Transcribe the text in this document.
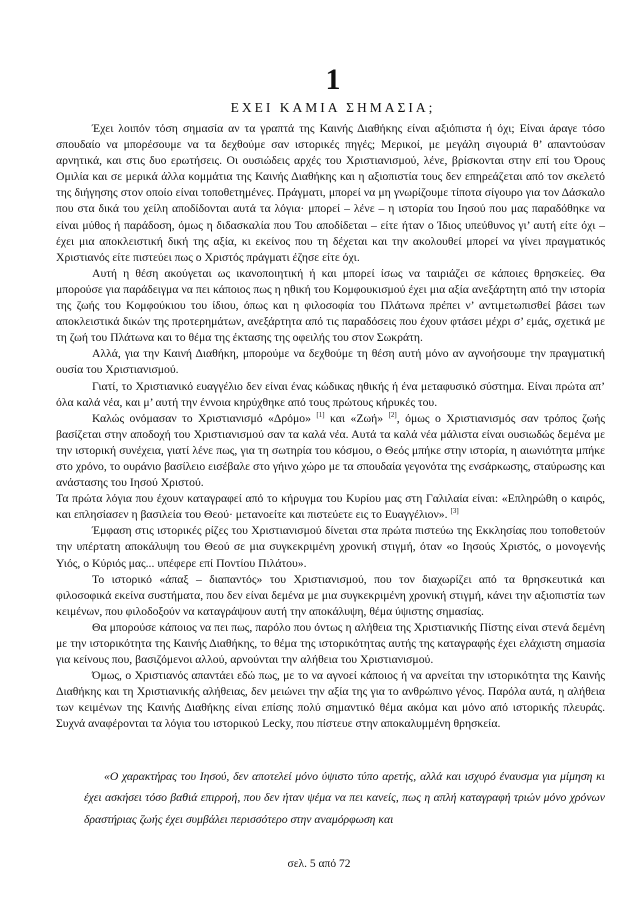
1
ΕΧΕΙ ΚΑΜΙΑ ΣΗΜΑΣΙΑ;

Έχει λοιπόν τόση σημασία αν τα γραπτά της Καινής Διαθήκης είναι αξιόπιστα ή όχι; Είναι άραγε τόσο σπουδαίο να μπορέσουμε να τα δεχθούμε σαν ιστορικές πηγές; Μερικοί, με μεγάλη σιγουριά θ’ απαντούσαν αρνητικά, και στις δυο ερωτήσεις. Οι ουσιώδεις αρχές του Χριστιανισμού, λένε, βρίσκονται στην επί του Όρους Ομιλία και σε μερικά άλλα κομμάτια της Καινής Διαθήκης και η αξιοπιστία τους δεν επηρεάζεται από τον σκελετό της διήγησης στον οποίο είναι τοποθετημένες. Πράγματι, μπορεί να μη γνωρίζουμε τίποτα σίγουρο για τον Δάσκαλο που στα δικά του χείλη αποδίδονται αυτά τα λόγια· μπορεί – λένε – η ιστορία του Ιησού που μας παραδόθηκε να είναι μύθος ή παράδοση, όμως η διδασκαλία που Του αποδίδεται – είτε ήταν ο Ίδιος υπεύθυνος γι’ αυτή είτε όχι – έχει μια αποκλειστική δική της αξία, κι εκείνος που τη δέχεται και την ακολουθεί μπορεί να γίνει πραγματικός Χριστιανός είτε πιστεύει πως ο Χριστός πράγματι έζησε είτε όχι.

Αυτή η θέση ακούγεται ως ικανοποιητική ή και μπορεί ίσως να ταιριάζει σε κάποιες θρησκείες. Θα μπορούσε για παράδειγμα να πει κάποιος πως η ηθική του Κομφουκισμού έχει μια αξία ανεξάρτητη από την ιστορία της ζωής του Κομφούκιου του ίδιου, όπως και η φιλοσοφία του Πλάτωνα πρέπει ν’ αντιμετωπισθεί βάσει των αποκλειστικά δικών της προτερημάτων, ανεξάρτητα από τις παραδόσεις που έχουν φτάσει μέχρι σ’ εμάς, σχετικά με τη ζωή του Πλάτωνα και το θέμα της έκτασης της οφειλής του στον Σωκράτη.

Αλλά, για την Καινή Διαθήκη, μπορούμε να δεχθούμε τη θέση αυτή μόνο αν αγνοήσουμε την πραγματική ουσία του Χριστιανισμού.

Γιατί, το Χριστιανικό ευαγγέλιο δεν είναι ένας κώδικας ηθικής ή ένα μεταφυσικό σύστημα. Είναι πρώτα απ’ όλα καλά νέα, και μ’ αυτή την έννοια κηρύχθηκε από τους πρώτους κήρυκές του.

Καλώς ονόμασαν το Χριστιανισμό «Δρόμο» [1] και «Ζωή» [2], όμως ο Χριστιανισμός σαν τρόπος ζωής βασίζεται στην αποδοχή του Χριστιανισμού σαν τα καλά νέα. Αυτά τα καλά νέα μάλιστα είναι ουσιωδώς δεμένα με την ιστορική συνέχεια, γιατί λένε πως, για τη σωτηρία του κόσμου, ο Θεός μπήκε στην ιστορία, η αιωνιότητα μπήκε στο χρόνο, το ουράνιο βασίλειο εισέβαλε στο γήινο χώρο με τα σπουδαία γεγονότα της ενσάρκωσης, σταύρωσης και ανάστασης του Ιησού Χριστού.

Τα πρώτα λόγια που έχουν καταγραφεί από το κήρυγμα του Κυρίου μας στη Γαλιλαία είναι: «Επληρώθη ο καιρός, και επλησίασεν η βασιλεία του Θεού· μετανοείτε και πιστεύετε εις το Ευαγγέλιον». [3]

Έμφαση στις ιστορικές ρίζες του Χριστιανισμού δίνεται στα πρώτα πιστεύω της Εκκλησίας που τοποθετούν την υπέρτατη αποκάλυψη του Θεού σε μια συγκεκριμένη χρονική στιγμή, όταν «ο Ιησούς Χριστός, ο μονογενής Υιός, ο Κύριός μας... υπέφερε επί Ποντίου Πιλάτου».

Το ιστορικό «άπαξ – διαπαντός» του Χριστιανισμού, που τον διαχωρίζει από τα θρησκευτικά και φιλοσοφικά εκείνα συστήματα, που δεν είναι δεμένα με μια συγκεκριμένη χρονική στιγμή, κάνει την αξιοπιστία των κειμένων, που φιλοδοξούν να καταγράψουν αυτή την αποκάλυψη, θέμα ύψιστης σημασίας.

Θα μπορούσε κάποιος να πει πως, παρόλο που όντως η αλήθεια της Χριστιανικής Πίστης είναι στενά δεμένη με την ιστορικότητα της Καινής Διαθήκης, το θέμα της ιστορικότητας αυτής της καταγραφής έχει ελάχιστη σημασία για κείνους που, βασιζόμενοι αλλού, αρνούνται την αλήθεια του Χριστιανισμού.

Όμως, ο Χριστιανός απαντάει εδώ πως, με το να αγνοεί κάποιος ή να αρνείται την ιστορικότητα της Καινής Διαθήκης και τη Χριστιανικής αλήθειας, δεν μειώνει την αξία της για το ανθρώπινο γένος. Παρόλα αυτά, η αλήθεια των κειμένων της Καινής Διαθήκης είναι επίσης πολύ σημαντικό θέμα ακόμα και μόνο από ιστορικής πλευράς. Συχνά αναφέρονται τα λόγια του ιστορικού Lecky, που πίστευε στην αποκαλυμμένη θρησκεία.

«Ο χαρακτήρας του Ιησού, δεν αποτελεί μόνο ύψιστο τύπο αρετής, αλλά και ισχυρό έναυσμα για μίμηση κι έχει ασκήσει τόσο βαθιά επιρροή, που δεν ήταν ψέμα να πει κανείς, πως η απλή καταγραφή τριών μόνο χρόνων δραστήριας ζωής έχει συμβάλει περισσότερο στην αναμόρφωση και

σελ. 5 από 72
